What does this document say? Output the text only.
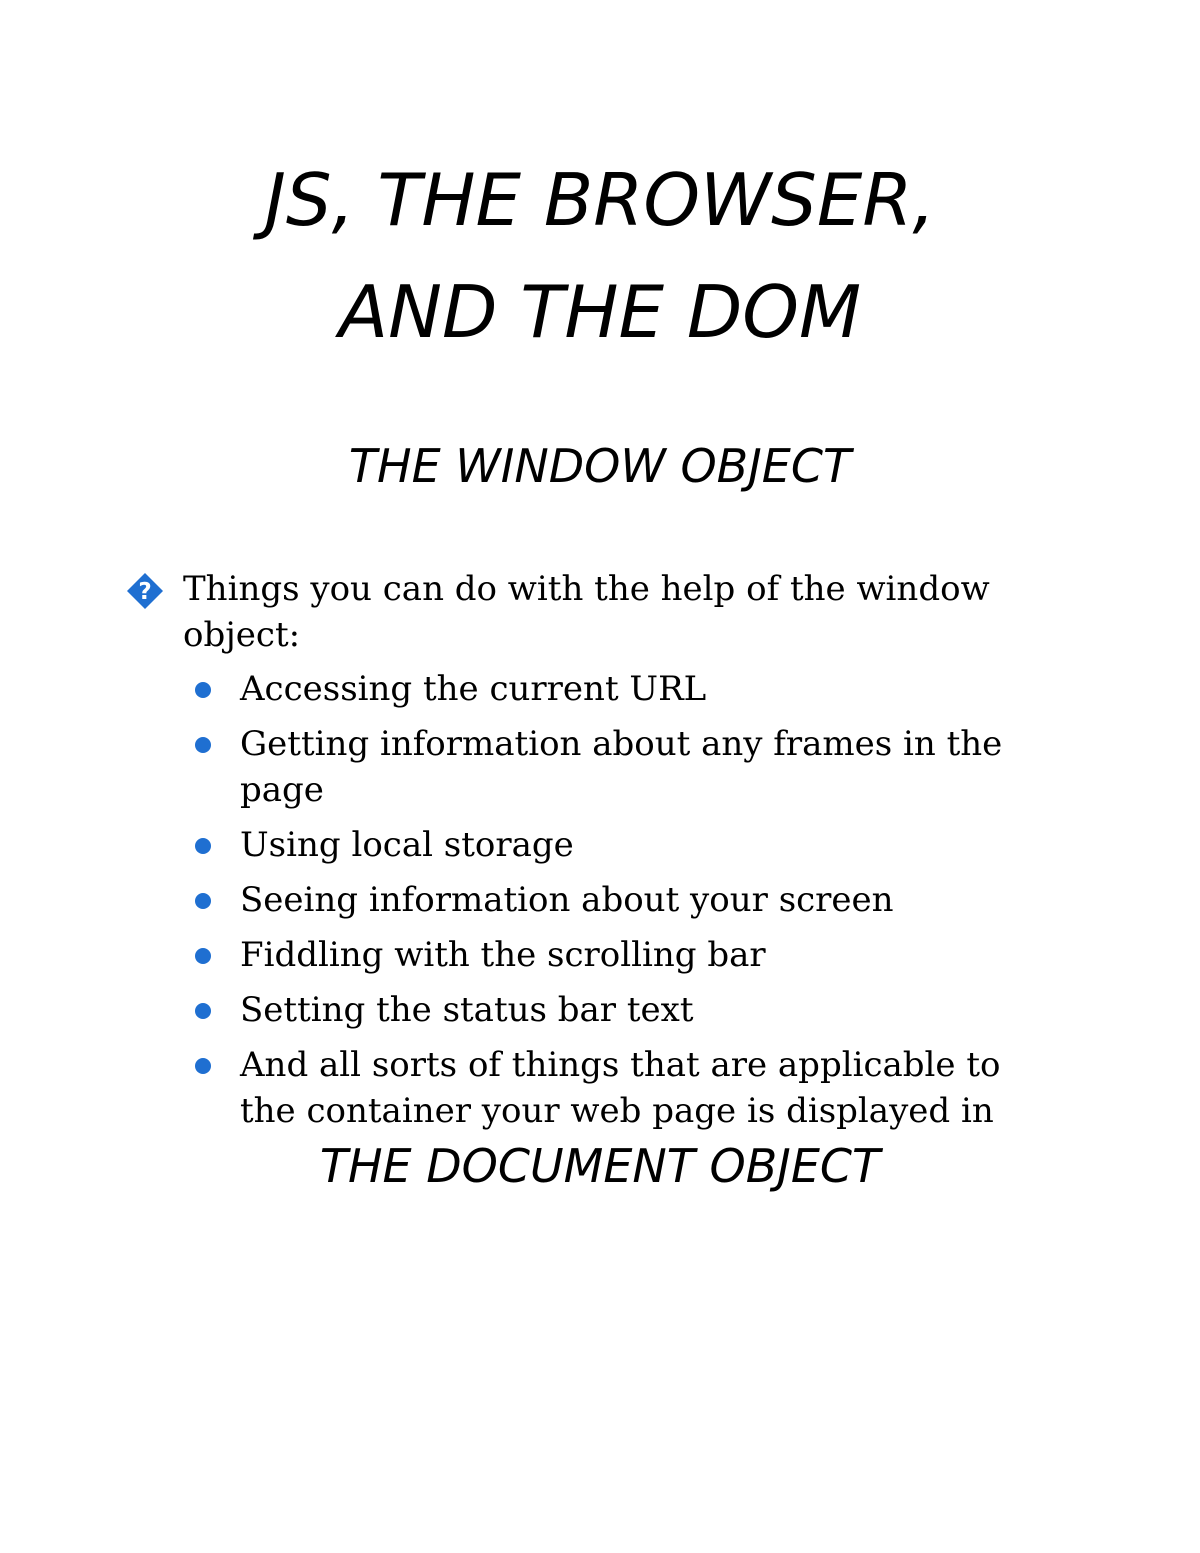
JS, THE BROWSER,
AND THE DOM
THE WINDOW OBJECT
? Things you can do with the help of the window object:
Accessing the current URL
Getting information about any frames in the page
Using local storage
Seeing information about your screen
Fiddling with the scrolling bar
Setting the status bar text
And all sorts of things that are applicable to the container your web page is displayed in
THE DOCUMENT OBJECT
